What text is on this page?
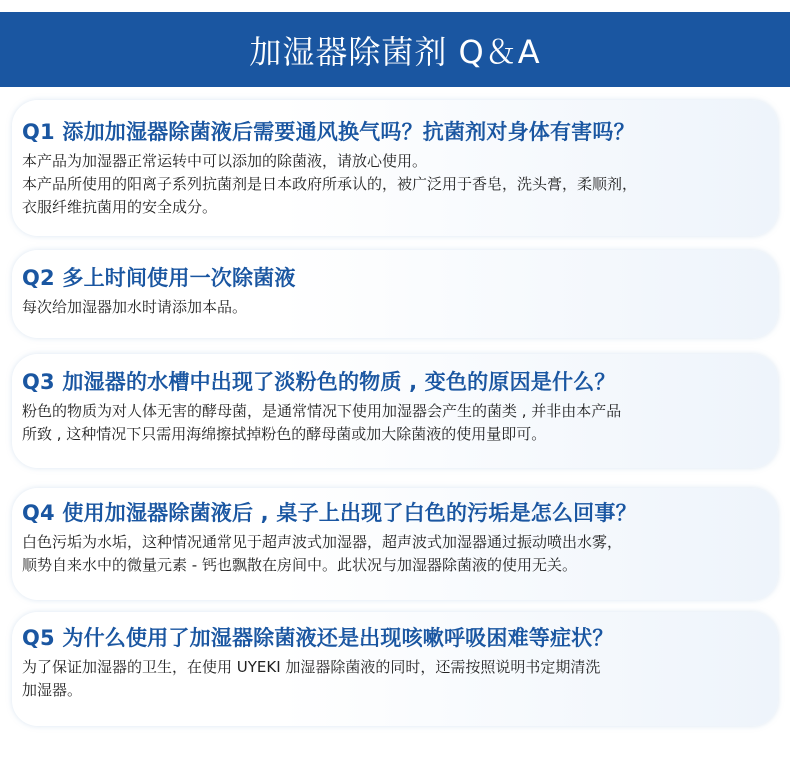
加湿器除菌剂 Q＆A
Q1 添加加湿器除菌液后需要通风换气吗？抗菌剂对身体有害吗？
本产品为加湿器正常运转中可以添加的除菌液，请放心使用。
本产品所使用的阳离子系列抗菌剂是日本政府所承认的，被广泛用于香皂，洗头膏，柔顺剂，
衣服纤维抗菌用的安全成分。
Q2 多上时间使用一次除菌液
每次给加湿器加水时请添加本品。
Q3 加湿器的水槽中出现了淡粉色的物质 , 变色的原因是什么？
粉色的物质为对人体无害的酵母菌，是通常情况下使用加湿器会产生的菌类 , 并非由本产品
所致 , 这种情况下只需用海绵擦拭掉粉色的酵母菌或加大除菌液的使用量即可。
Q4 使用加湿器除菌液后 , 桌子上出现了白色的污垢是怎么回事？
白色污垢为水垢，这种情况通常见于超声波式加湿器，超声波式加湿器通过振动喷出水雾，
顺势自来水中的微量元素 - 钙也飘散在房间中。此状况与加湿器除菌液的使用无关。
Q5 为什么使用了加湿器除菌液还是出现咳嗽呼吸困难等症状？
为了保证加湿器的卫生，在使用 UYEKI 加湿器除菌液的同时，还需按照说明书定期清洗
加湿器。
